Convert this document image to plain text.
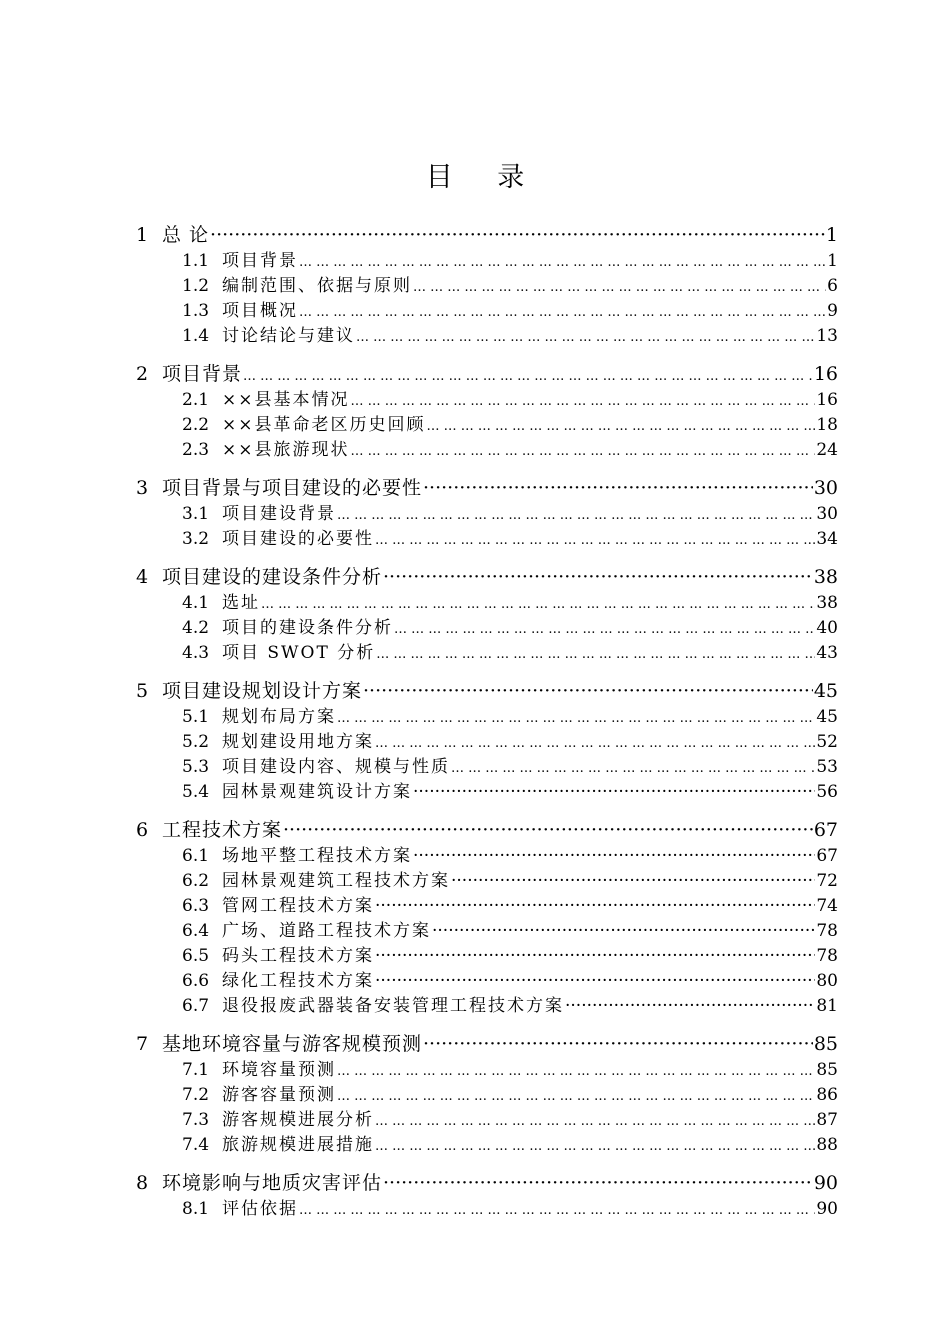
目 录
1 总 论 ·····	1
1.1 项目背景 … … … … … … … … … … … … … … … … … … … … … … … … … … … … … … … … … … … … … … … … … … … … … … … … … … … … … … … … … …	1
1.2 编制范围、依据与原则 … … … … … … … … … … … … … … … … … … … … … … … … … … … … … … … … … … … … … … … … … … … … … … … … … … … … … … … … … …	6
1.3 项目概况 … … … … … … … … … … … … … … … … … … … … … … … … … … … … … … … … … … … … … … … … … … … … … … … … … … … … … … … … … …	9
1.4 讨论结论与建议 … … … … … … … … … … … … … … … … … … … … … … … … … … … … … … … … … … … … … … … … … … … … … … … … … … … … … … … … … …	13
2 项目背景 … … … … … … … … … … … … … … … … … … … … … … … … … … … … … … … … … … … … … … … … … … … … … … … … … … … … … … … … … …	16
2.1 ××县基本情况 … … … … … … … … … … … … … … … … … … … … … … … … … … … … … … … … … … … … … … … … … … … … … … … … … … … … … … … … … …	16
2.2 ××县革命老区历史回顾 … … … … … … … … … … … … … … … … … … … … … … … … … … … … … … … … … … … … … … … … … … … … … … … … … … … … … … … … … …	18
2.3 ××县旅游现状 … … … … … … … … … … … … … … … … … … … … … … … … … … … … … … … … … … … … … … … … … … … … … … … … … … … … … … … … … …	24
3 项目背景与项目建设的必要性 ·····	30
3.1 项目建设背景 … … … … … … … … … … … … … … … … … … … … … … … … … … … … … … … … … … … … … … … … … … … … … … … … … … … … … … … … … …	30
3.2 项目建设的必要性 … … … … … … … … … … … … … … … … … … … … … … … … … … … … … … … … … … … … … … … … … … … … … … … … … … … … … … … … … …	34
4 项目建设的建设条件分析 ·····	38
4.1 选址 … … … … … … … … … … … … … … … … … … … … … … … … … … … … … … … … … … … … … … … … … … … … … … … … … … … … … … … … … …	38
4.2 项目的建设条件分析 … … … … … … … … … … … … … … … … … … … … … … … … … … … … … … … … … … … … … … … … … … … … … … … … … … … … … … … … … …	40
4.3 项目 SWOT 分析 … … … … … … … … … … … … … … … … … … … … … … … … … … … … … … … … … … … … … … … … … … … … … … … … … … … … … … … … … …	43
5 项目建设规划设计方案 ·····	45
5.1 规划布局方案 … … … … … … … … … … … … … … … … … … … … … … … … … … … … … … … … … … … … … … … … … … … … … … … … … … … … … … … … … …	45
5.2 规划建设用地方案 … … … … … … … … … … … … … … … … … … … … … … … … … … … … … … … … … … … … … … … … … … … … … … … … … … … … … … … … … …	52
5.3 项目建设内容、规模与性质 … … … … … … … … … … … … … … … … … … … … … … … … … … … … … … … … … … … … … … … … … … … … … … … … … … … … … … … … … …	53
5.4 园林景观建筑设计方案 ·····	56
6 工程技术方案 ·····	67
6.1 场地平整工程技术方案 ·····	67
6.2 园林景观建筑工程技术方案 ·····	72
6.3 管网工程技术方案 ·····	74
6.4 广场、道路工程技术方案 ·····	78
6.5 码头工程技术方案 ·····	78
6.6 绿化工程技术方案 ·····	80
6.7 退役报废武器装备安装管理工程技术方案 ·····	81
7 基地环境容量与游客规模预测 ·····	85
7.1 环境容量预测 … … … … … … … … … … … … … … … … … … … … … … … … … … … … … … … … … … … … … … … … … … … … … … … … … … … … … … … … … …	85
7.2 游客容量预测 … … … … … … … … … … … … … … … … … … … … … … … … … … … … … … … … … … … … … … … … … … … … … … … … … … … … … … … … … …	86
7.3 游客规模进展分析 … … … … … … … … … … … … … … … … … … … … … … … … … … … … … … … … … … … … … … … … … … … … … … … … … … … … … … … … … …	87
7.4 旅游规模进展措施 … … … … … … … … … … … … … … … … … … … … … … … … … … … … … … … … … … … … … … … … … … … … … … … … … … … … … … … … … …	88
8 环境影响与地质灾害评估 ·····	90
8.1 评估依据 … … … … … … … … … … … … … … … … … … … … … … … … … … … … … … … … … … … … … … … … … … … … … … … … … … … … … … … … … …	90
